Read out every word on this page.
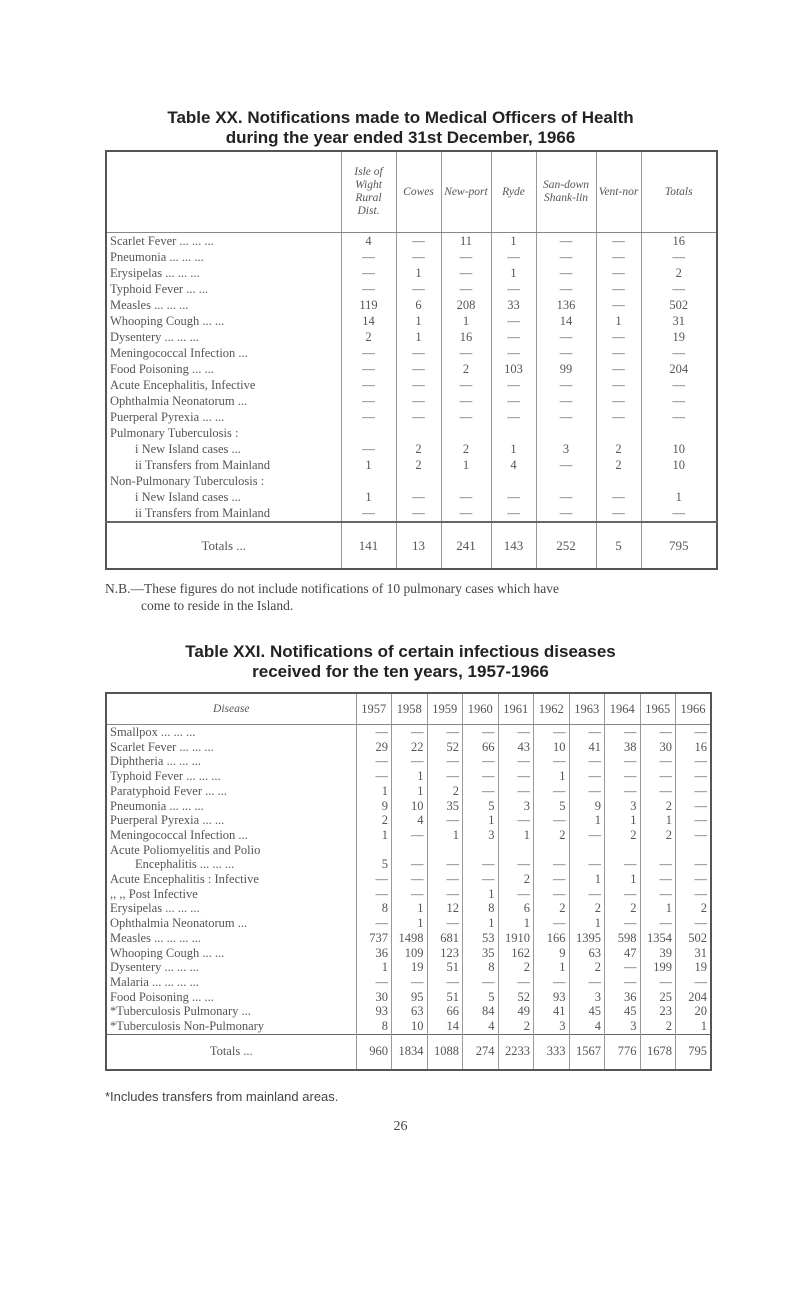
Table XX. Notifications made to Medical Officers of Health
during the year ended 31st December, 1966
	Isle of Wight Rural Dist.	Cowes	New-port	Ryde	San-down Shank-lin	Vent-nor	Totals
Scarlet Fever ... ... ...	4	—	11	1	—	—	16
Pneumonia ... ... ...	—	—	—	—	—	—	—
Erysipelas ... ... ...	—	1	—	1	—	—	2
Typhoid Fever ... ...	—	—	—	—	—	—	—
Measles ... ... ...	119	6	208	33	136	—	502
Whooping Cough ... ...	14	1	1	—	14	1	31
Dysentery ... ... ...	2	1	16	—	—	—	19
Meningococcal Infection ...	—	—	—	—	—	—	—
Food Poisoning ... ...	—	—	2	103	99	—	204
Acute Encephalitis, Infective	—	—	—	—	—	—	—
Ophthalmia Neonatorum ...	—	—	—	—	—	—	—
Puerperal Pyrexia ... ...	—	—	—	—	—	—	—
Pulmonary Tuberculosis :							
i New Island cases ...	—	2	2	1	3	2	10
ii Transfers from Mainland	1	2	1	4	—	2	10
Non-Pulmonary Tuberculosis :							
i New Island cases ...	1	—	—	—	—	—	1
ii Transfers from Mainland	—	—	—	—	—	—	—
Totals ...	141	13	241	143	252	5	795
N.B.—These figures do not include notifications of 10 pulmonary cases which have
come to reside in the Island.
Table XXI. Notifications of certain infectious diseases
received for the ten years, 1957-1966
Disease	1957	1958	1959	1960	1961	1962	1963	1964	1965	1966
Smallpox ... ... ...	—	—	—	—	—	—	—	—	—	—
Scarlet Fever ... ... ...	29	22	52	66	43	10	41	38	30	16
Diphtheria ... ... ...	—	—	—	—	—	—	—	—	—	—
Typhoid Fever ... ... ...	—	1	—	—	—	1	—	—	—	—
Paratyphoid Fever ... ...	1	1	2	—	—	—	—	—	—	—
Pneumonia ... ... ...	9	10	35	5	3	5	9	3	2	—
Puerperal Pyrexia ... ...	2	4	—	1	—	—	1	1	1	—
Meningococcal Infection ...	1	—	1	3	1	2	—	2	2	—
Acute Poliomyelitis and Polio										
Encephalitis ... ... ...	5	—	—	—	—	—	—	—	—	—
Acute Encephalitis : Infective	—	—	—	—	2	—	1	1	—	—
,, ,, Post Infective	—	—	—	1	—	—	—	—	—	—
Erysipelas ... ... ...	8	1	12	8	6	2	2	2	1	2
Ophthalmia Neonatorum ...	—	1	—	1	1	—	1	—	—	—
Measles ... ... ... ...	737	1498	681	53	1910	166	1395	598	1354	502
Whooping Cough ... ...	36	109	123	35	162	9	63	47	39	31
Dysentery ... ... ...	1	19	51	8	2	1	2	—	199	19
Malaria ... ... ... ...	—	—	—	—	—	—	—	—	—	—
Food Poisoning ... ...	30	95	51	5	52	93	3	36	25	204
*Tuberculosis Pulmonary ...	93	63	66	84	49	41	45	45	23	20
*Tuberculosis Non-Pulmonary	8	10	14	4	2	3	4	3	2	1
Totals ...	960	1834	1088	274	2233	333	1567	776	1678	795
*Includes transfers from mainland areas.
26
